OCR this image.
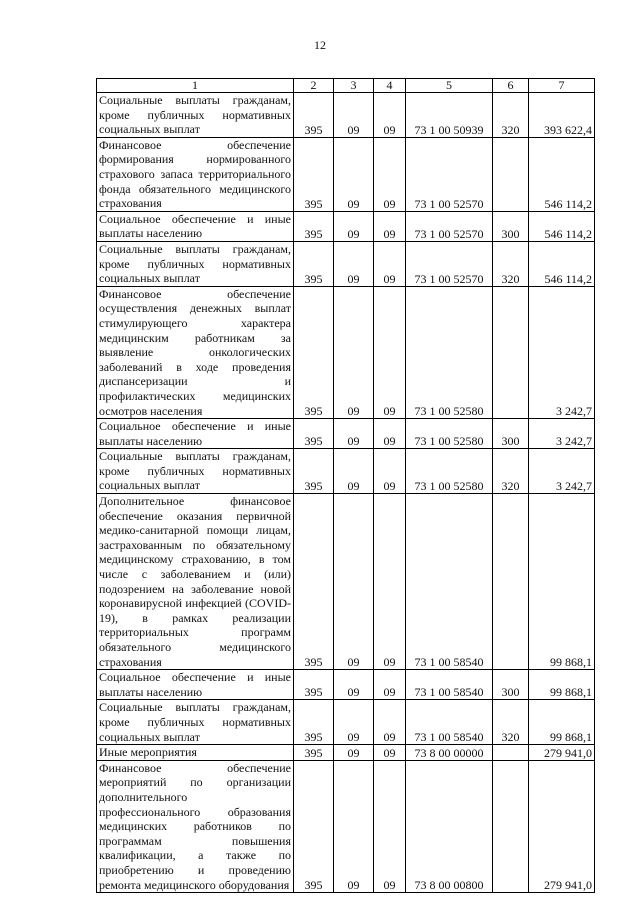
12
1	2	3	4	5	6	7
Социальные выплаты гражданам, кроме публичных нормативных социальных выплат	395	09	09	73 1 00 50939	320	393 622,4
Финансовое обеспечение формирования нормированного страхового запаса территориального фонда обязательного медицинского страхования	395	09	09	73 1 00 52570		546 114,2
Социальное обеспечение и иные выплаты населению	395	09	09	73 1 00 52570	300	546 114,2
Социальные выплаты гражданам, кроме публичных нормативных социальных выплат	395	09	09	73 1 00 52570	320	546 114,2
Финансовое обеспечение осуществления денежных выплат стимулирующего характера медицинским работникам за выявление онкологических заболеваний в ходе проведения диспансеризации и профилактических медицинских осмотров населения	395	09	09	73 1 00 52580		3 242,7
Социальное обеспечение и иные выплаты населению	395	09	09	73 1 00 52580	300	3 242,7
Социальные выплаты гражданам, кроме публичных нормативных социальных выплат	395	09	09	73 1 00 52580	320	3 242,7
Дополнительное финансовое обеспечение оказания первичной медико-санитарной помощи лицам, застрахованным по обязательному медицинскому страхованию, в том числе с заболеванием и (или) подозрением на заболевание новой коронавирусной инфекцией (COVID-19), в рамках реализации территориальных программ обязательного медицинского страхования	395	09	09	73 1 00 58540		99 868,1
Социальное обеспечение и иные выплаты населению	395	09	09	73 1 00 58540	300	99 868,1
Социальные выплаты гражданам, кроме публичных нормативных социальных выплат	395	09	09	73 1 00 58540	320	99 868,1
Иные мероприятия	395	09	09	73 8 00 00000		279 941,0
Финансовое обеспечение мероприятий по организации дополнительного профессионального образования медицинских работников по программам повышения квалификации, а также по приобретению и проведению ремонта медицинского оборудования	395	09	09	73 8 00 00800		279 941,0
